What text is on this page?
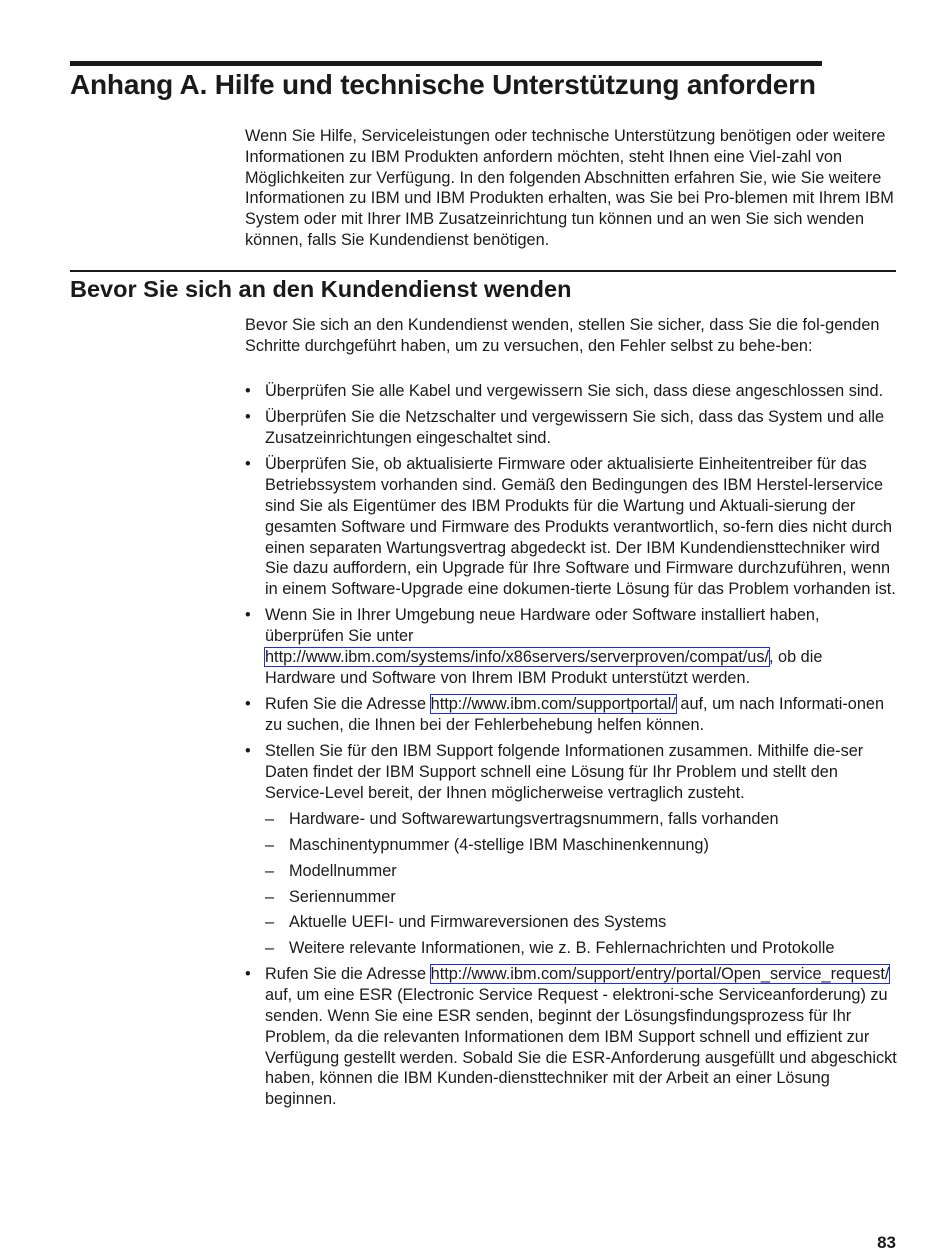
Anhang A. Hilfe und technische Unterstützung anfordern

Wenn Sie Hilfe, Serviceleistungen oder technische Unterstützung benötigen oder weitere Informationen zu IBM Produkten anfordern möchten, steht Ihnen eine Viel-zahl von Möglichkeiten zur Verfügung. In den folgenden Abschnitten erfahren Sie, wie Sie weitere Informationen zu IBM und IBM Produkten erhalten, was Sie bei Pro-blemen mit Ihrem IBM System oder mit Ihrer IMB Zusatzeinrichtung tun können und an wen Sie sich wenden können, falls Sie Kundendienst benötigen.

Bevor Sie sich an den Kundendienst wenden

Bevor Sie sich an den Kundendienst wenden, stellen Sie sicher, dass Sie die fol-genden Schritte durchgeführt haben, um zu versuchen, den Fehler selbst zu behe-ben:

• Überprüfen Sie alle Kabel und vergewissern Sie sich, dass diese angeschlossen sind.
• Überprüfen Sie die Netzschalter und vergewissern Sie sich, dass das System und alle Zusatzeinrichtungen eingeschaltet sind.
• Überprüfen Sie, ob aktualisierte Firmware oder aktualisierte Einheitentreiber für das Betriebssystem vorhanden sind. Gemäß den Bedingungen des IBM Herstel-lerservice sind Sie als Eigentümer des IBM Produkts für die Wartung und Aktuali-sierung der gesamten Software und Firmware des Produkts verantwortlich, so-fern dies nicht durch einen separaten Wartungsvertrag abgedeckt ist. Der IBM Kundendiensttechniker wird Sie dazu auffordern, ein Upgrade für Ihre Software und Firmware durchzuführen, wenn in einem Software-Upgrade eine dokumen-tierte Lösung für das Problem vorhanden ist.
• Wenn Sie in Ihrer Umgebung neue Hardware oder Software installiert haben, überprüfen Sie unter http://www.ibm.com/systems/info/x86servers/serverproven/compat/us/, ob die Hardware und Software von Ihrem IBM Produkt unterstützt werden.
• Rufen Sie die Adresse http://www.ibm.com/supportportal/ auf, um nach Informati-onen zu suchen, die Ihnen bei der Fehlerbehebung helfen können.
• Stellen Sie für den IBM Support folgende Informationen zusammen. Mithilfe die-ser Daten findet der IBM Support schnell eine Lösung für Ihr Problem und stellt den Service-Level bereit, der Ihnen möglicherweise vertraglich zusteht.
– Hardware- und Softwarewartungsvertragsnummern, falls vorhanden
– Maschinentypnummer (4-stellige IBM Maschinenkennung)
– Modellnummer
– Seriennummer
– Aktuelle UEFI- und Firmwareversionen des Systems
– Weitere relevante Informationen, wie z. B. Fehlernachrichten und Protokolle
• Rufen Sie die Adresse http://www.ibm.com/support/entry/portal/Open_service_request/ auf, um eine ESR (Electronic Service Request - elektroni-sche Serviceanforderung) zu senden. Wenn Sie eine ESR senden, beginnt der Lösungsfindungsprozess für Ihr Problem, da die relevanten Informationen dem IBM Support schnell und effizient zur Verfügung gestellt werden. Sobald Sie die ESR-Anforderung ausgefüllt und abgeschickt haben, können die IBM Kunden-diensttechniker mit der Arbeit an einer Lösung beginnen.
83
